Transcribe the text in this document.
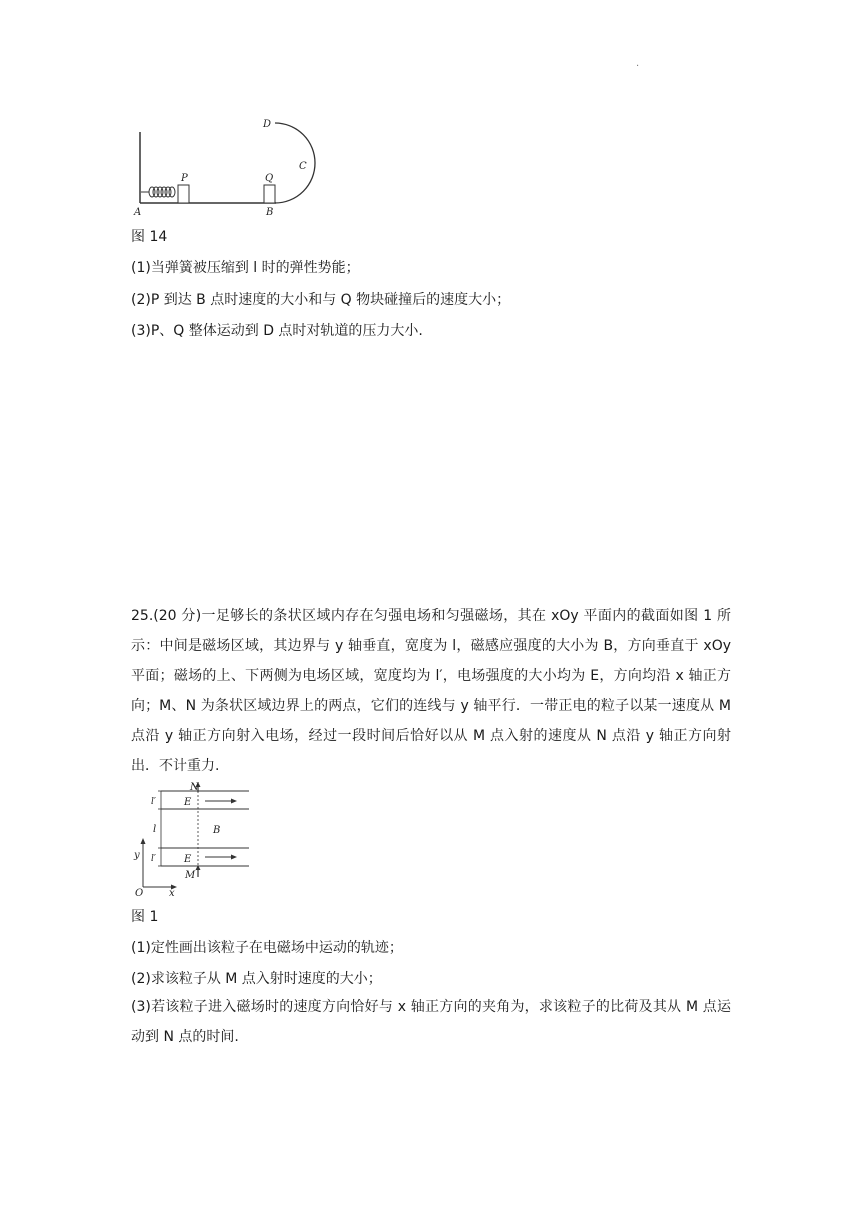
.
A
P	Q
B
C
D
图 14
(1)当弹簧被压缩到 l 时的弹性势能；
(2)P 到达 B 点时速度的大小和与 Q 物块碰撞后的速度大小；
(3)P、Q 整体运动到 D 点时对轨道的压力大小.
25.(20 分)一足够长的条状区域内存在匀强电场和匀强磁场，其在 xOy 平面内的截面如图 1 所示：中间是磁场区域，其边界与 y 轴垂直，宽度为 l，磁感应强度的大小为 B，方向垂直于 xOy 平面；磁场的上、下两侧为电场区域，宽度均为 l′，电场强度的大小均为 E，方向均沿 x 轴正方向；M、N 为条状区域边界上的两点，它们的连线与 y 轴平行．一带正电的粒子以某一速度从 M 点沿 y 轴正方向射入电场，经过一段时间后恰好以从 M 点入射的速度从 N 点沿 y 轴正方向射出．不计重力.
N
E
l′
l	B
y l′	E
M
O	x
图 1
(1)定性画出该粒子在电磁场中运动的轨迹；
(2)求该粒子从 M 点入射时速度的大小；
(3)若该粒子进入磁场时的速度方向恰好与 x 轴正方向的夹角为，求该粒子的比荷及其从 M 点运动到 N 点的时间.
